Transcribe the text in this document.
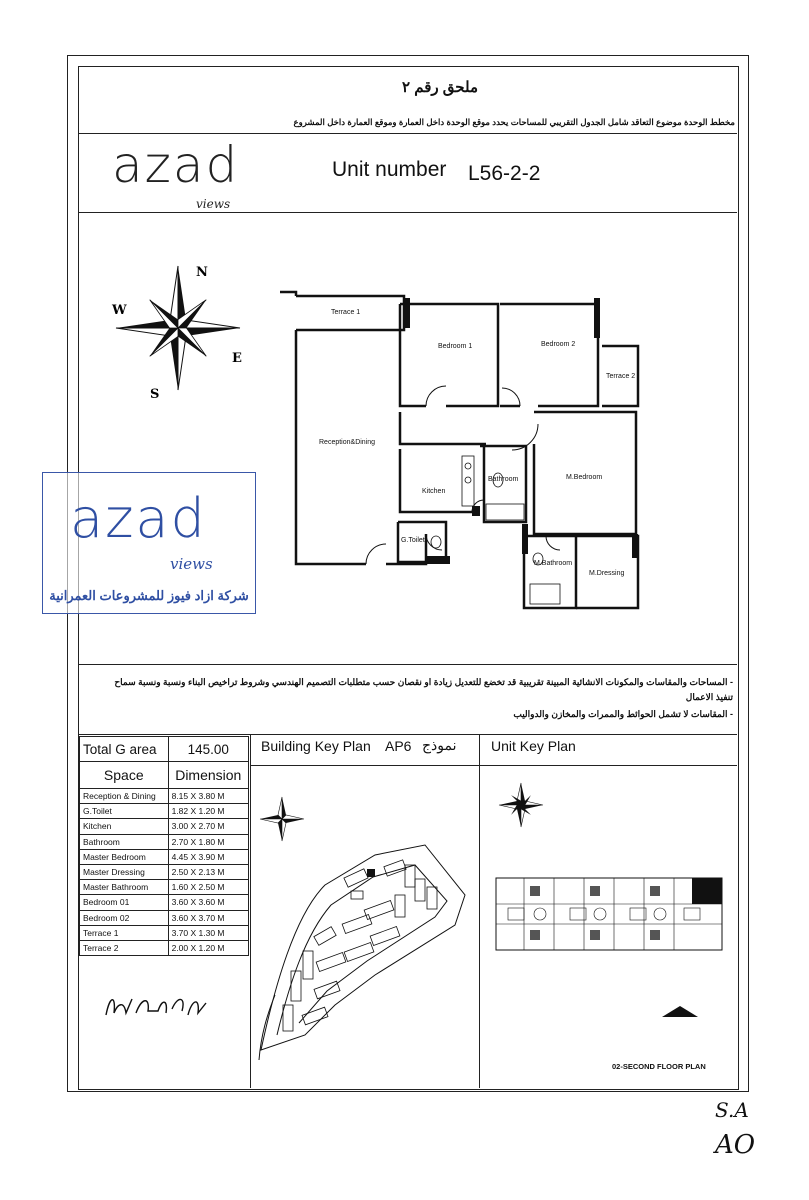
ملحق رقم ٢
مخطط الوحدة موضوع التعاقد شامل الجدول التقريبي للمساحات يحدد موقع الوحدة داخل العمارة وموقع العمارة داخل المشروع
azad
views
Unit number L56-2-2
N
E
S
W	Terrace 1
Bedroom 1	Bedroom 2
Terrace 2
Reception&Dining
Kitchen
Bathroom	M.Bedroom
G.Toilet
M.Bathroom
M.Dressing
azad
views
شركة ازاد فيوز للمشروعات العمرانية
- المساحات والمقاسات والمكونات الانشائية المبينة تقريبية قد تخضع للتعديل زيادة او نقصان حسب متطلبات التصميم الهندسي وشروط تراخيص البناء ونسبة ونسبة سماح تنفيذ الاعمال
- المقاسات لا تشمل الحوائط والممرات والمخازن والدواليب
Total G area	145.00
Space	Dimension
Reception & Dining	8.15 X 3.80 M
G.Toilet	1.82 X 1.20 M
Kitchen	3.00 X 2.70 M
Bathroom	2.70 X 1.80 M
Master Bedroom	4.45 X 3.90 M
Master Dressing	2.50 X 2.13 M
Master Bathroom	1.60 X 2.50 M
Bedroom 01	3.60 X 3.60 M
Bedroom 02	3.60 X 3.70 M
Terrace 1	3.70 X 1.30 M
Terrace 2	2.00 X 1.20 M
Building Key Plan AP6 نموذج Unit Key Plan
02-SECOND FLOOR PLAN
S.A
AO
